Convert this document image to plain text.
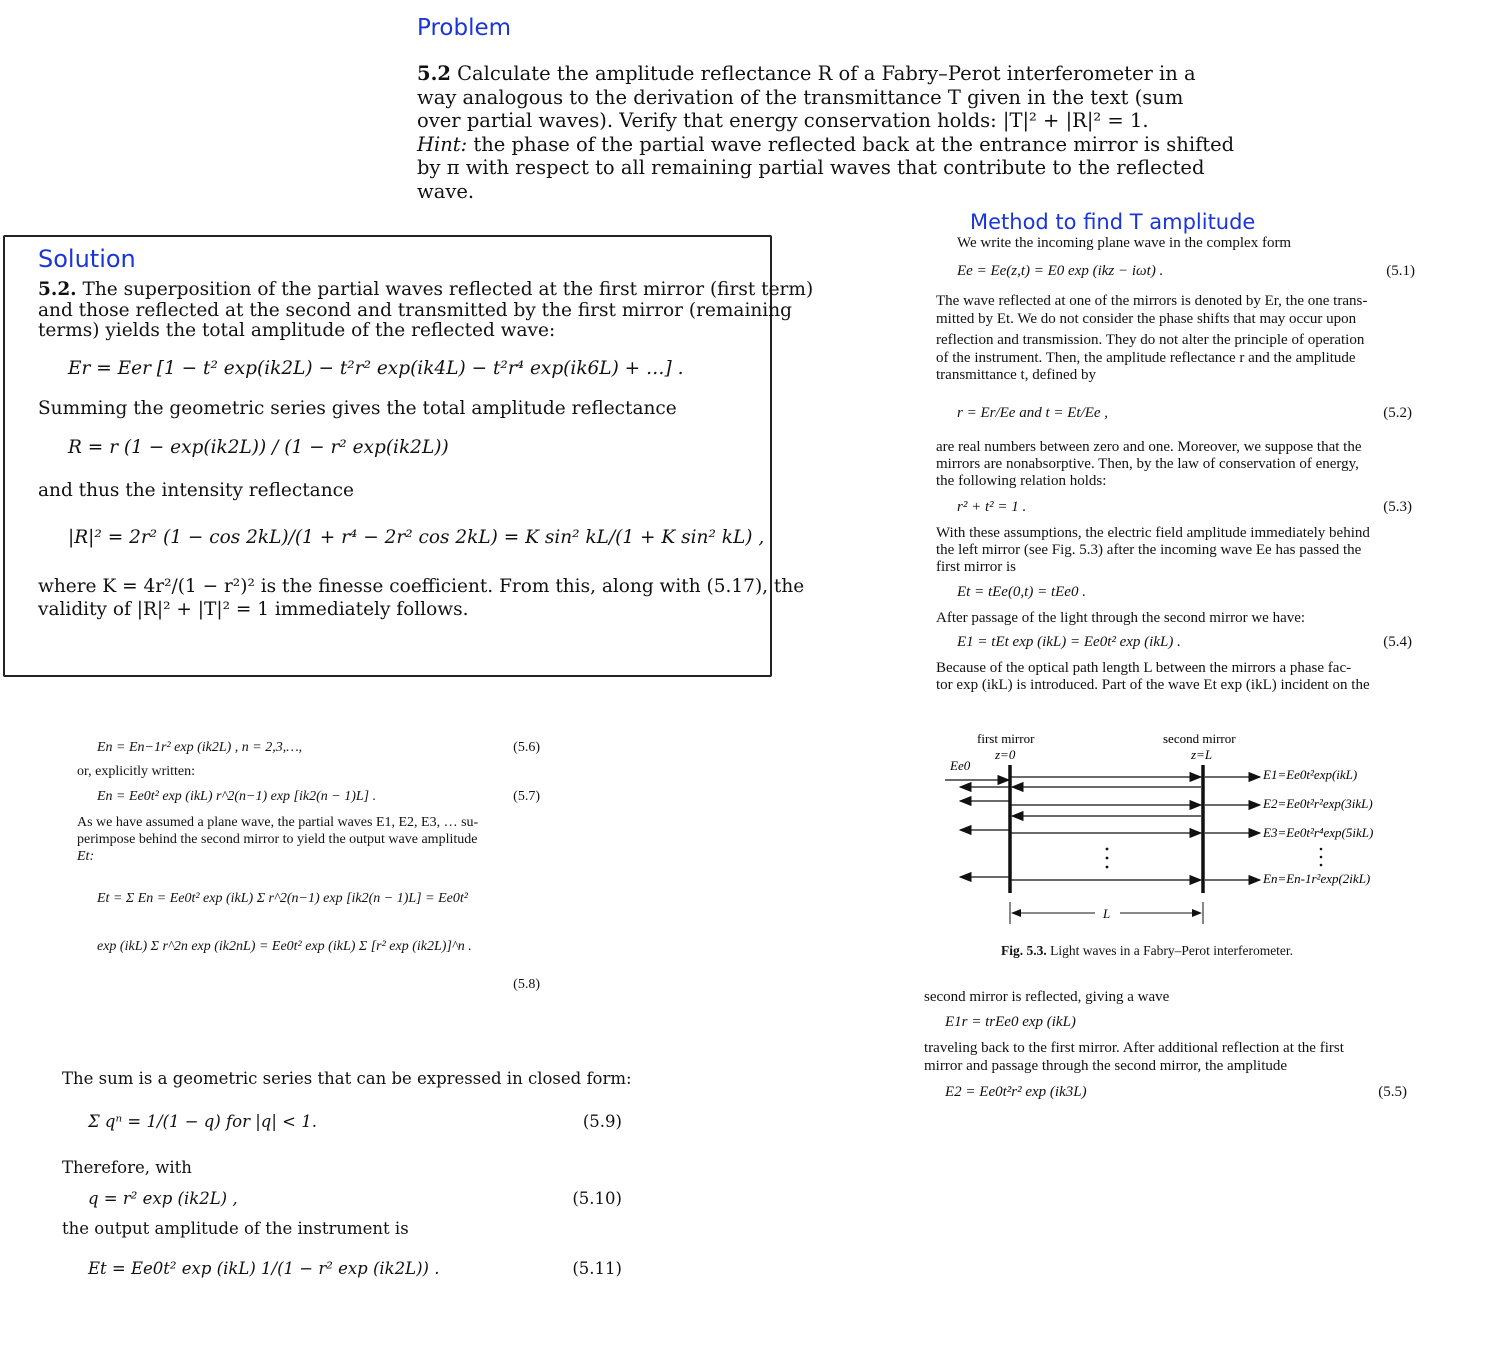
Problem
5.2 Calculate the amplitude reflectance R of a Fabry–Perot interferometer in a
way analogous to the derivation of the transmittance T given in the text (sum
over partial waves). Verify that energy conservation holds: |T|² + |R|² = 1.
Hint: the phase of the partial wave reflected back at the entrance mirror is shifted
by π with respect to all remaining partial waves that contribute to the reflected
wave.
Solution
5.2. The superposition of the partial waves reflected at the first mirror (first term)
and those reflected at the second and transmitted by the first mirror (remaining
terms) yields the total amplitude of the reflected wave:
Er = Eer [1 − t² exp(ik2L) − t²r² exp(ik4L) − t²r⁴ exp(ik6L) + …] .
Summing the geometric series gives the total amplitude reflectance
R = r (1 − exp(ik2L)) / (1 − r² exp(ik2L))
and thus the intensity reflectance
|R|² = 2r² (1 − cos 2kL)/(1 + r⁴ − 2r² cos 2kL) = K sin² kL/(1 + K sin² kL) ,
where K = 4r²/(1 − r²)² is the finesse coefficient. From this, along with (5.17), the
validity of |R|² + |T|² = 1 immediately follows.
Method to find T amplitude
We write the incoming plane wave in the complex form
Ee = Ee(z,t) = E0 exp (ikz − iωt) .	(5.1)
The wave reflected at one of the mirrors is denoted by Er, the one trans-
mitted by Et. We do not consider the phase shifts that may occur upon
reflection and transmission. They do not alter the principle of operation
of the instrument. Then, the amplitude reflectance r and the amplitude
transmittance t, defined by
r = Er/Ee and t = Et/Ee ,	(5.2)
are real numbers between zero and one. Moreover, we suppose that the
mirrors are nonabsorptive. Then, by the law of conservation of energy,
the following relation holds:
r² + t² = 1 .	(5.3)
With these assumptions, the electric field amplitude immediately behind
the left mirror (see Fig. 5.3) after the incoming wave Ee has passed the
first mirror is
Et = tEe(0,t) = tEe0 .
After passage of the light through the second mirror we have:
E1 = tEt exp (ikL) = Ee0t² exp (ikL) .	(5.4)
Because of the optical path length L between the mirrors a phase fac-
tor exp (ikL) is introduced. Part of the wave Et exp (ikL) incident on the
first mirror
z=0
second mirror
z=L
Ee0
E1=Ee0t²exp(ikL)
E2=Ee0t²r²exp(3ikL)
E3=Ee0t²r⁴exp(5ikL)
En=En-1r²exp(2ikL)
L
Fig. 5.3. Light waves in a Fabry–Perot interferometer.
second mirror is reflected, giving a wave
E1r = trEe0 exp (ikL)
traveling back to the first mirror. After additional reflection at the first
mirror and passage through the second mirror, the amplitude
E2 = Ee0t²r² exp (ik3L)	(5.5)
En = En−1r² exp (ik2L) , n = 2,3,…,	(5.6)
or, explicitly written:
En = Ee0t² exp (ikL) r^2(n−1) exp [ik2(n − 1)L] .	(5.7)
As we have assumed a plane wave, the partial waves E1, E2, E3, … su-
perimpose behind the second mirror to yield the output wave amplitude
Et:
Et = Σ En = Ee0t² exp (ikL) Σ r^2(n−1) exp [ik2(n − 1)L] = Ee0t² exp (ikL) Σ r^2n exp (ik2nL) = Ee0t² exp (ikL) Σ [r² exp (ik2L)]^n .
(5.8)
The sum is a geometric series that can be expressed in closed form:
Σ qⁿ = 1/(1 − q) for |q| < 1.	(5.9)
Therefore, with
q = r² exp (ik2L) ,	(5.10)
the output amplitude of the instrument is
Et = Ee0t² exp (ikL) 1/(1 − r² exp (ik2L)) .	(5.11)
